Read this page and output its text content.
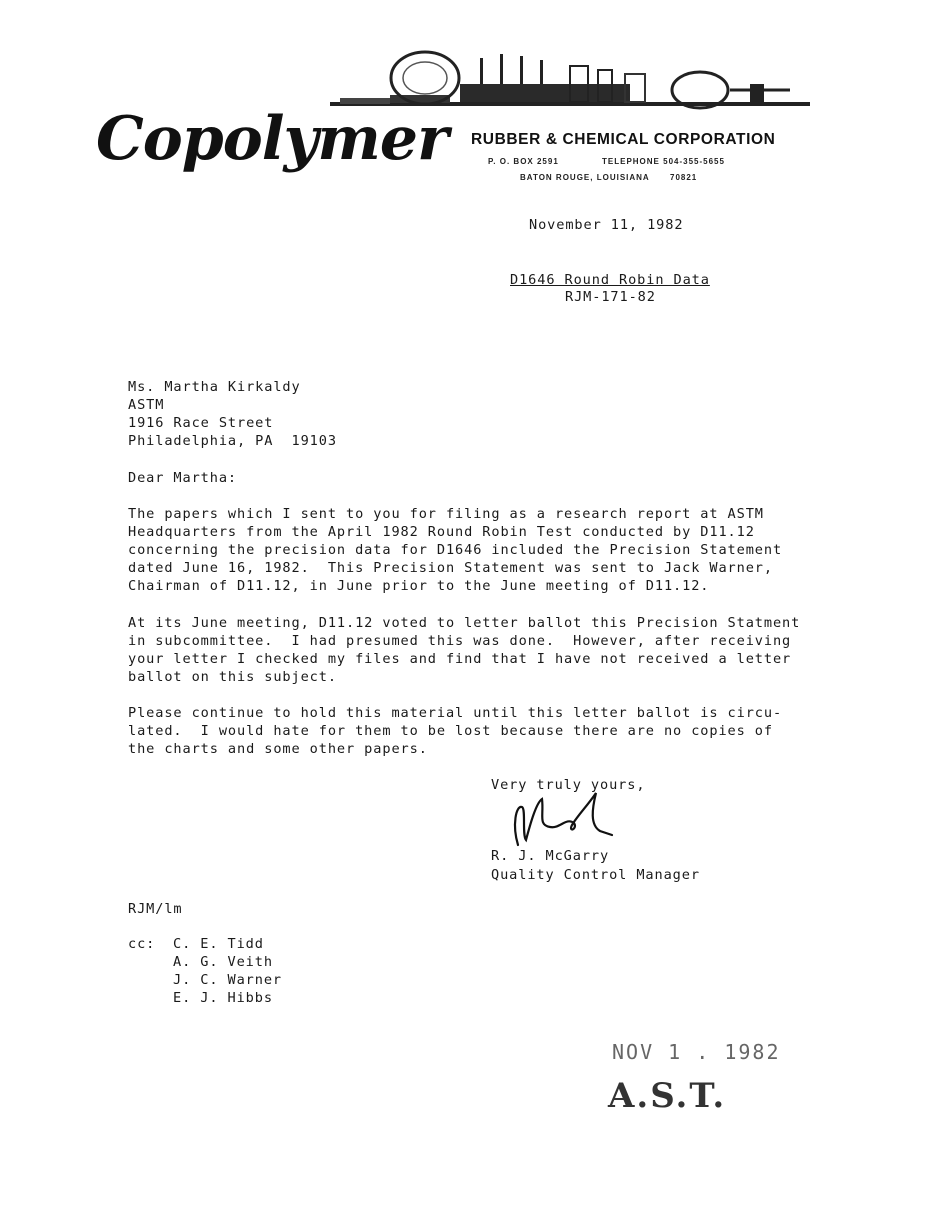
Copolymer RUBBER & CHEMICAL CORPORATION
P. O. BOX 2591	TELEPHONE 504-355-5655
BATON ROUGE, LOUISIANA	70821
November 11, 1982
D1646 Round Robin Data
RJM-171-82
Ms. Martha Kirkaldy
ASTM
1916 Race Street
Philadelphia, PA  19103
Dear Martha:
The papers which I sent to you for filing as a research report at ASTM
Headquarters from the April 1982 Round Robin Test conducted by D11.12
concerning the precision data for D1646 included the Precision Statement
dated June 16, 1982.  This Precision Statement was sent to Jack Warner,
Chairman of D11.12, in June prior to the June meeting of D11.12.
At its June meeting, D11.12 voted to letter ballot this Precision Statment
in subcommittee.  I had presumed this was done.  However, after receiving
your letter I checked my files and find that I have not received a letter
ballot on this subject.
Please continue to hold this material until this letter ballot is circu-
lated.  I would hate for them to be lost because there are no copies of
the charts and some other papers.
Very truly yours,
R. J. McGarry
Quality Control Manager
RJM/lm
cc: C. E. Tidd
A. G. Veith
J. C. Warner
E. J. Hibbs
NOV 1 . 1982
A.S.T.
